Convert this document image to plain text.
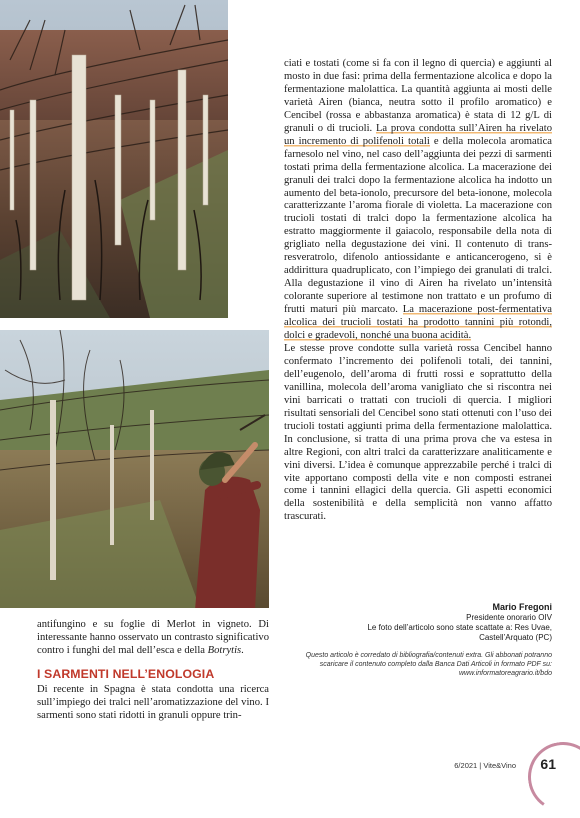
ciati e tostati (come si fa con il legno di quercia) e aggiunti al mosto in due fasi: prima della fermentazione alcolica e dopo la fermentazione malolattica. La quantità aggiunta ai mosti delle varietà Airen (bianca, neutra sotto il profilo aromatico) e Cencibel (rossa e abbastanza aromatica) è stata di 12 g/L di granuli o di trucioli. La prova condotta sull’Airen ha rivelato un incremento di polifenoli totali e della molecola aromatica farnesolo nel vino, nel caso dell’aggiunta dei pezzi di sarmenti tostati prima della fermentazione alcolica. La macerazione dei granuli dei tralci dopo la fermentazione alcolica ha indotto un aumento del beta-ionolo, precursore del beta-ionone, molecola caratterizzante l’aroma fiorale di violetta. La macerazione con trucioli tostati di tralci dopo la fermentazione alcolica ha estratto maggiormente il gaiacolo, responsabile della nota di grigliato nella degustazione dei vini. Il contenuto di trans-resveratrolo, difenolo antiossidante e anticancerogeno, si è addirittura quadruplicato, con l’impiego dei granulati di tralci. Alla degustazione il vino di Airen ha rivelato un’intensità colorante superiore al testimone non trattato e un profumo di frutti maturi più marcato. La macerazione post-fermentativa alcolica dei trucioli tostati ha prodotto tannini più rotondi, dolci e gradevoli, nonché una buona acidità.

Le stesse prove condotte sulla varietà rossa Cencibel hanno confermato l’incremento dei polifenoli totali, dei tannini, dell’eugenolo, dell’aroma di frutti rossi e soprattutto della vanillina, molecola dell’aroma vanigliato che si riscontra nei vini barricati o trattati con trucioli di quercia. I migliori risultati sensoriali del Cencibel sono stati ottenuti con l’uso dei trucioli tostati aggiunti prima della fermentazione malolattica. In conclusione, si tratta di una prima prova che va estesa in altre Regioni, con altri tralci da caratterizzare analiticamente e vini diversi. L’idea è comunque apprezzabile perché i tralci di vite apportano composti della vite e non composti estranei come i tannini ellagici della quercia. Gli aspetti economici della sostenibilità e della semplicità non vanno affatto trascurati.

Mario Fregoni
Presidente onorario OIV
Le foto dell’articolo sono state scattate a: Res Uvae,
Castell’Arquato (PC)
Questo articolo è corredato di bibliografia/contenuti extra. Gli abbonati potranno scaricare il contenuto completo dalla Banca Dati Articoli in formato PDF su: www.informatoreagrario.it/bdo

antifungino e su foglie di Merlot in vigneto. Di interessante hanno osservato un contrasto significativo contro i funghi del mal dell’esca e della Botrytis.

I SARMENTI NELL’ENOLOGIA

Di recente in Spagna è stata condotta una ricerca sull’impiego dei tralci nell’aromatizzazione del vino. I sarmenti sono stati ridotti in granuli oppure trin-

6/2021 | Vite&Vino 61
